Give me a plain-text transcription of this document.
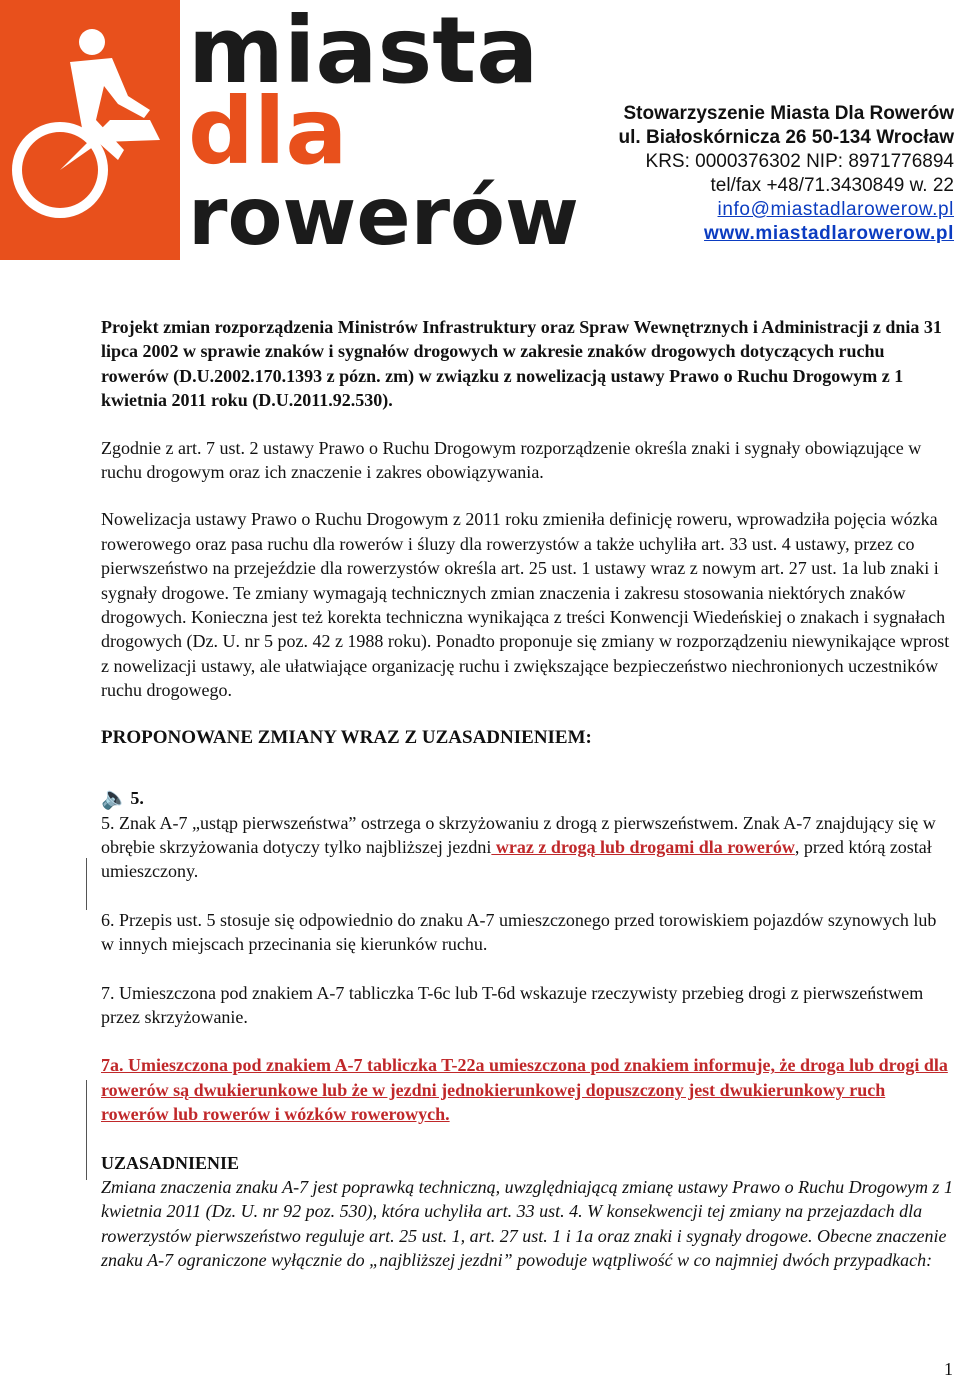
miasta
dla
rowerów
Stowarzyszenie Miasta Dla Rowerów
ul. Białoskórnicza 26 50-134 Wrocław
KRS: 0000376302 NIP: 8971776894
tel/fax +48/71.3430849 w. 22
info@miastadlarowerow.pl
www.miastadlarowerow.pl

Projekt zmian rozporządzenia Ministrów Infrastruktury oraz Spraw Wewnętrznych i Administracji z dnia 31 lipca 2002 w sprawie znaków i sygnałów drogowych w zakresie znaków drogowych dotyczących ruchu rowerów (D.U.2002.170.1393 z pózn. zm) w związku z nowelizacją ustawy Prawo o Ruchu Drogowym z 1 kwietnia 2011 roku (D.U.2011.92.530).

Zgodnie z art. 7 ust. 2 ustawy Prawo o Ruchu Drogowym rozporządzenie określa znaki i sygnały obowiązujące w ruchu drogowym oraz ich znaczenie i zakres obowiązywania.

Nowelizacja ustawy Prawo o Ruchu Drogowym z 2011 roku zmieniła definicję roweru, wprowadziła pojęcia wózka rowerowego oraz pasa ruchu dla rowerów i śluzy dla rowerzystów a także uchyliła art. 33 ust. 4 ustawy, przez co pierwszeństwo na przejeździe dla rowerzystów określa art. 25 ust. 1 ustawy wraz z nowym art. 27 ust. 1a lub znaki i sygnały drogowe. Te zmiany wymagają technicznych zmian znaczenia i zakresu stosowania niektórych znaków drogowych. Konieczna jest też korekta techniczna wynikająca z treści Konwencji Wiedeńskiej o znakach i sygnałach drogowych (Dz. U. nr 5 poz. 42 z 1988 roku). Ponadto proponuje się zmiany w rozporządzeniu niewynikające wprost z nowelizacji ustawy, ale ułatwiające organizację ruchu i zwiększające bezpieczeństwo niechronionych uczestników ruchu drogowego.

PROPONOWANE ZMIANY WRAZ Z UZASADNIENIEM:

🔈 5.

5. Znak A-7 „ustąp pierwszeństwa” ostrzega o skrzyżowaniu z drogą z pierwszeństwem. Znak A-7 znajdujący się w obrębie skrzyżowania dotyczy tylko najbliższej jezdni wraz z drogą lub drogami dla rowerów, przed którą został umieszczony.

6. Przepis ust. 5 stosuje się odpowiednio do znaku A-7 umieszczonego przed torowiskiem pojazdów szynowych lub w innych miejscach przecinania się kierunków ruchu.

7. Umieszczona pod znakiem A-7 tabliczka T-6c lub T-6d wskazuje rzeczywisty przebieg drogi z pierwszeństwem przez skrzyżowanie.

7a. Umieszczona pod znakiem A-7 tabliczka T-22a umieszczona pod znakiem informuje, że droga lub drogi dla rowerów są dwukierunkowe lub że w jezdni jednokierunkowej dopuszczony jest dwukierunkowy ruch rowerów lub rowerów i wózków rowerowych.

UZASADNIENIE

Zmiana znaczenia znaku A-7 jest poprawką techniczną, uwzględniającą zmianę ustawy Prawo o Ruchu Drogowym z 1 kwietnia 2011 (Dz. U. nr 92 poz. 530), która uchyliła art. 33 ust. 4. W konsekwencji tej zmiany na przejazdach dla rowerzystów pierwszeństwo reguluje art. 25 ust. 1, art. 27 ust. 1 i 1a oraz znaki i sygnały drogowe. Obecne znaczenie znaku A-7 ograniczone wyłącznie do „najbliższej jezdni” powoduje wątpliwość w co najmniej dwóch przypadkach:

1
